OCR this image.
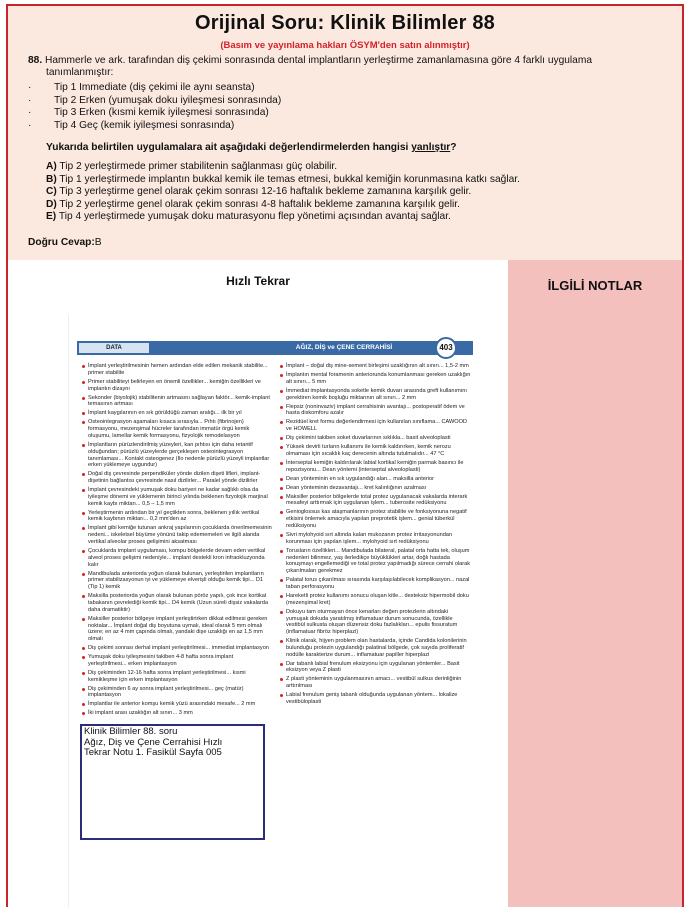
Orijinal Soru: Klinik Bilimler 88
(Basım ve yayınlama hakları ÖSYM'den satın alınmıştır)
88. Hammerle ve ark. tarafından diş çekimi sonrasında dental implantların yerleştirme zamanlamasına göre 4 farklı uygulama
tanımlanmıştır:
·	Tip 1 Immediate (diş çekimi ile aynı seansta)
·	Tip 2 Erken (yumuşak doku iyileşmesi sonrasında)
·	Tip 3 Erken (kısmi kemik iyileşmesi sonrasında)
·	Tip 4 Geç (kemik iyileşmesi sonrasında)
Yukarıda belirtilen uygulamalara ait aşağıdaki değerlendirmelerden hangisi yanlıştır?
A) Tip 2 yerleştirmede primer stabilitenin sağlanması güç olabilir.
B) Tip 1 yerleştirmede implantın bukkal kemik ile temas etmesi, bukkal kemiğin korunmasına katkı sağlar.
C) Tip 3 yerleştirme genel olarak çekim sonrası 12-16 haftalık bekleme zamanına karşılık gelir.
D) Tip 2 yerleştirme genel olarak çekim sonrası 4-8 haftalık bekleme zamanına karşılık gelir.
E) Tip 4 yerleştirmede yumuşak doku maturasyonu flep yönetimi açısından avantaj sağlar.
Doğru Cevap:B
Hızlı Tekrar
DATA	AĞIZ, DİŞ ve ÇENE CERRAHİSİ	403
İmplant yerleştirilmesinin hemen ardından elde edilen mekanik stabilite... primer stabilite
Primer stabiliteyi belirleyen en önemli özellikler... kemiğin özellikleri ve implantın dizaynı
Sekonder (biyolojik) stabilitenin artmasını sağlayan faktör... kemik-implant temasının artması
İmplant kaygılarının en sık görüldüğü zaman aralığı... ilk bir yıl
Osteointegrasyon aşamaları kısaca sırasıyla... Pıhtı (fibrinojen) formasyonu, mezenşimal hücreler tarafından immatür örgü kemik oluşumu, lamellar kemik formasyonu, fizyolojik remodelasyon
İmplantların pürüzlendirilmiş yüzeyleri, kan pıhtısı için daha retantif olduğundan; pürüzlü yüzeylerde gerçekleşen osteointegrasyon tanımlaması... Kontakt osteogenez (Ilo nedenle pürüzlü yüzeyli implantlar erken yüklemeye uygundur)
Doğal diş çevresinde perpendiküler yönde dizilen dişeti lifleri, implant-dişetinin bağlantısı çevresinde nasıl dizilirler... Paralel yönde dizilirler
İmplant çevresindeki yumuşak doku bariyeri ne kadar sağlıklı olsa da iyileşme dönemi ve yüklemenin birinci yılında beklenen fizyolojik marjinal kemik kaybı miktarı... 0,5 – 1,5 mm
Yerleştirmenin ardından bir yıl geçtikten sonra, beklenen yıllık vertikal kemik kaybının miktarı... 0,2 mm'den az
İmplant gibi kemiğe tutunan ankraj yapılarının çocuklarda önerilmemesinin nedeni... iskeletsel büyüme yönünü takip edememeleri ve ilgili alanda vertikal alveolar proses gelişimini aksatması
Çocuklarda implant uygulaması, kompu bölgelerde devam eden vertikal alveol proses gelişimi nedeniyle... implant destekli kron infraokluzyonda kalır
Mandibulada anteriorda yoğun olarak bulunan, yerleştirilen implantların primer stabilizasyonun iyi ve yüklemeye elverişli olduğu kemik tipi... D1 (Tip 1) kemik
Maksilla posteriorda yoğun olarak bulunan pöröz yapılı, çok ince kortikal tabakanın çevrelediği kemik tipi... D4 kemik (Uzun süreli dişsiz vakalarda daha dramatiktir)
Maksiller posterior bölgeye implant yerleştirirken dikkat edilmesi gereken noktalar... İmplant doğal diş boyutuna uymalı, ideal olarak 5 mm olmalı üzere; en az 4 mm çapında olmalı, yandaki dişe uzaklığı en az 1,5 mm olmalı
Diş çekimi sonrası derhal implant yerleştirilmesi... immediat implantasyon
Yumuşak doku iyileşmesini takiben 4-8 hafta sonra implant yerleştirilmesi... erken implantasyon
Diş çekiminden 12-16 hafta sonra implant yerleştirilmesi... kısmi kemikleşme için erken implantasyon
Diş çekiminden 6 ay sonra implant yerleştirilmesi... geç (matür) implantasyon
İmplantlar ile anterior komşu kemik yüzü arasındaki mesafe... 2 mm
İki implant arası uzaklığın alt sınırı... 3 mm
İmplant – doğal diş mine-sement birleşimi uzaklığının alt sınırı... 1,5-2 mm
İmplantın mental foramenin anteriorunda konumlanması gereken uzaklığın alt sınırı... 5 mm
İmmediat implantasyonda soketle kemik duvarı arasında greft kullanımını gerektiren kemik boşluğu miktarının alt sınırı... 2 mm
Flepsiz (noninvaziv) implant cerrahisinin avantajı... postoperatif ödem ve hasta diskomforu azalır
Rezidüel kret formu değerlendirmesi için kullanılan sınıflama... CAWOOD ve HOWELL
Diş çekimini takiben soket duvarlarının sıklıkla... basit alveoloplasti
Yüksek devirli turların kullanımı ile kemik kaldırırken, kemik nerozu olmaması için sıcaklık kaç derecenin altında tutulmalıdır... 47 °C
İnterseptal kemiğin kaldırılarak labial kortikal kemiğin parmak basıncı ile repozisyonu... Dean yöntemi (interseptal alveoloplasti)
Dean yönteminin en sık uygulandığı alan... maksilla anterior
Dean yönteminin dezavantajı... kret kalınlığının azalması
Maksiller posterior bölgelerde total protez uygulanacak vakalarda interark mesafeyi arttırmak için uygulanan işlem... tuberosite redüksiyonu
Genioglossus kas ataşmanlarının protez stabilite ve fonksiyonuna negatif etkisini önlemek amacıyla yapılan preprotetik işlem... genial tüberkül redüksiyonu
Sivri mylohyoid sırt altında kalan mukozanın protez irritasyonundan korunması için yapılan işlem... mylohyoid sırt redüksiyonu
Torusların özellikleri... Mandibulada bilateral, palatal orta hatta tek, oluşum nedenleri bilinmez, yaş ilerledikçe büyüklükleri artar, doğlı hastada konuşmayı engellemediği ve total protez yapılmadığı sürece cerrahi olarak çıkarılmaları gerekmez
Palatal torus çıkarılması sırasında karşılaşılabilecek komplikasyon... nazal taban perforasyonu
Hareketli protez kullanımı sonucu oluşan kitle... desteksiz hipermobil doku (mezenşimal kret)
Dokuyu tam oturmayan önce kenarları değen protezlerin altındaki yumuşak dokuda yaratılmış inflamatuar durum sonucunda, özellikle vestibül sulkusta oluşan düzensiz doku fazlalıkları... epulis fissuratum (inflamatuar fibröz hiperplazi)
Klinik olarak, hijyen problem olan hastalarda, içinde Candida kolonilerinin bulunduğu protezin uygulandığı palatinal bölgede, çok sayıda proliferatif nodülle karakterize durum... inflamatuar papiller hiperplazi
Dar tabanlı labial frenulum eksizyonu için uygulanan yöntemler... Basit eksizyon veya Z plasti
Z plasti yönteminin uygulanmasının amacı... vestibül sulkus derinliğinin arttırılması
Labial frenulum geniş tabanlı olduğunda uygulanan yöntem... lokalize vestibüloplasti
İLGİLİ NOTLAR
Klinik Bilimler 88. soru
Ağız, Diş ve Çene Cerrahisi Hızlı
Tekrar Notu 1. Fasikül Sayfa 005
